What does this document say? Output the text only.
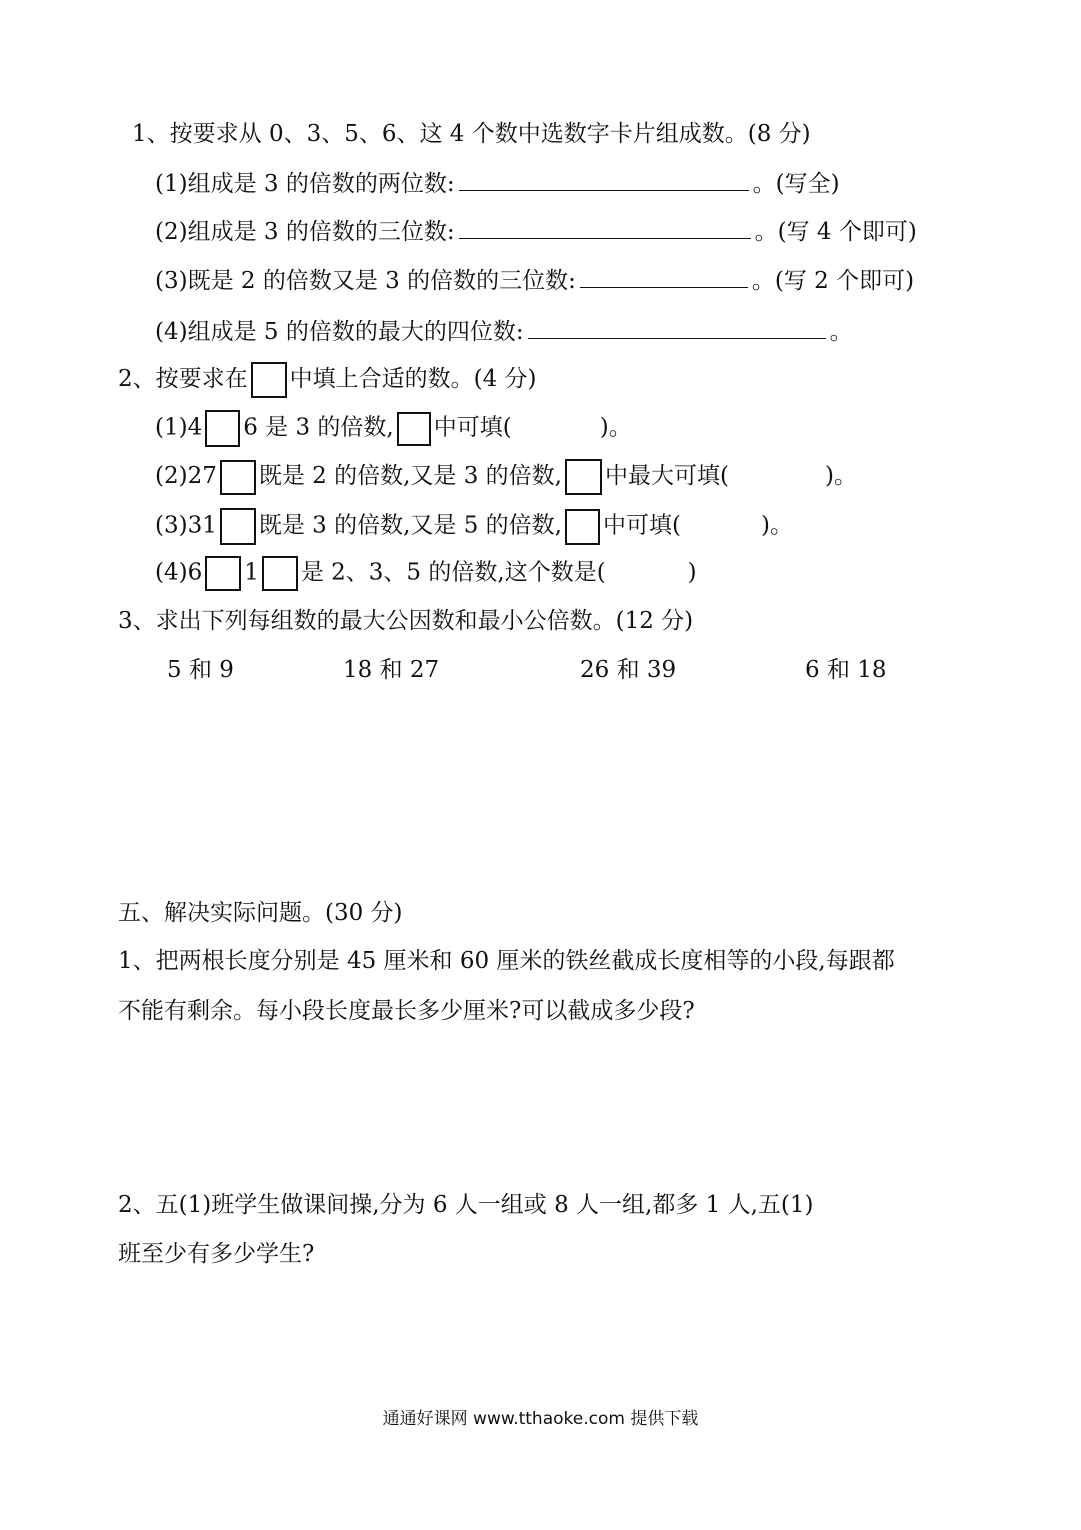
1、按要求从 0、3、5、6、这 4 个数中选数字卡片组成数。(8 分)
(1)组成是 3 的倍数的两位数:	。(写全)
(2)组成是 3 的倍数的三位数:	。(写 4 个即可)
(3)既是 2 的倍数又是 3 的倍数的三位数:	。(写 2 个即可)
(4)组成是 5 的倍数的最大的四位数:	。
2、按要求在 中填上合适的数。(4 分)
(1)4 6 是 3 的倍数, 中可填(	)。
(2)27 既是 2 的倍数,又是 3 的倍数, 中最大可填(	)。
(3)31 既是 3 的倍数,又是 5 的倍数, 中可填(	)。
(4)6 1 是 2、3、5 的倍数,这个数是(	)
3、求出下列每组数的最大公因数和最小公倍数。(12 分)
5 和 9	18 和 27	26 和 39	6 和 18
五、解决实际问题。(30 分)
1、把两根长度分别是 45 厘米和 60 厘米的铁丝截成长度相等的小段,每跟都
不能有剩余。每小段长度最长多少厘米?可以截成多少段?
2、五(1)班学生做课间操,分为 6 人一组或 8 人一组,都多 1 人,五(1)
班至少有多少学生?
通通好课网 www.tthaoke.com 提供下载
